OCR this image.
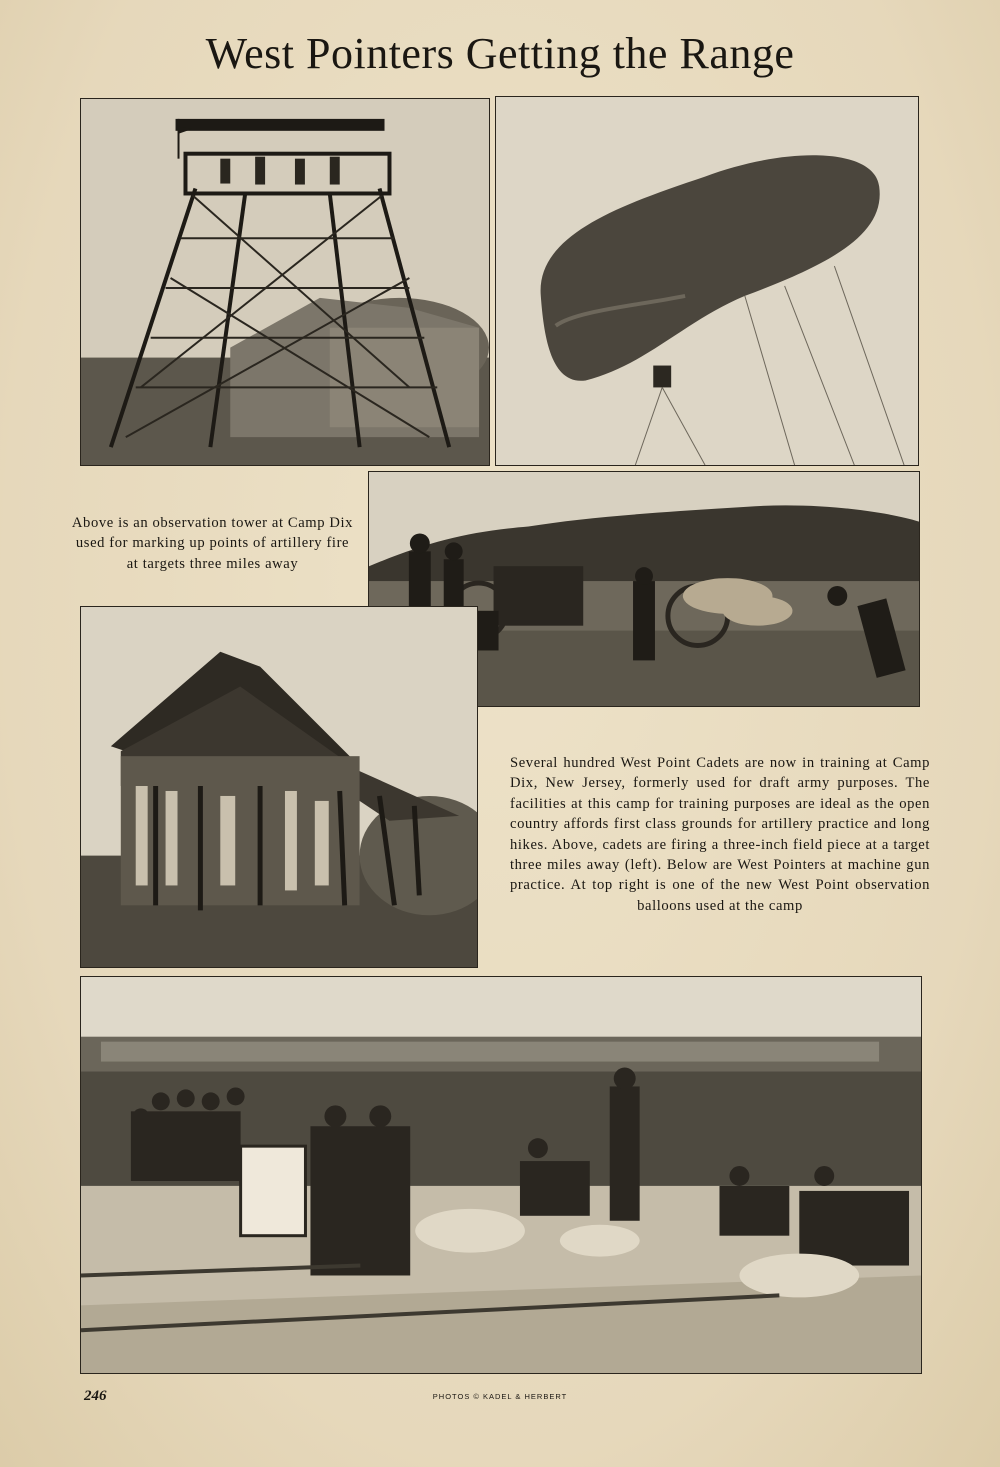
West Pointers Getting the Range

Above is an observation tower at Camp Dix used for marking up points of artillery fire at targets three miles away

Several hundred West Point Cadets are now in training at Camp Dix, New Jersey, formerly used for draft army purposes. The facilities at this camp for training purposes are ideal as the open country affords first class grounds for artillery practice and long hikes. Above, cadets are firing a three-inch field piece at a target three miles away (left). Below are West Pointers at machine gun practice. At top right is one of the new West Point observation balloons used at the camp

246	PHOTOS © KADEL & HERBERT
